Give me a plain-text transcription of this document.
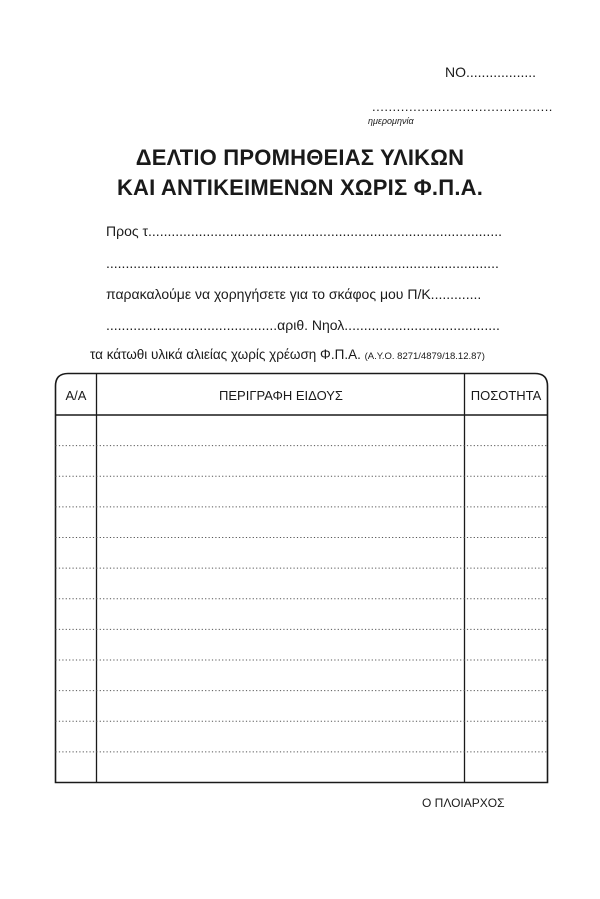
ΝΟ..................
............................................
ημερομηνία
ΔΕΛΤΙΟ ΠΡΟΜΗΘΕΙΑΣ ΥΛΙΚΩΝ
ΚΑΙ ΑΝΤΙΚΕΙΜΕΝΩΝ ΧΩΡΙΣ Φ.Π.Α.
Προς τ...........................................................................................
.....................................................................................................
παρακαλούμε να χορηγήσετε για το σκάφος μου Π/Κ.............
............................................αριθ. Νηολ........................................
τα κάτωθι υλικά αλιείας χωρίς χρέωση Φ.Π.Α. (Α.Υ.Ο. 8271/4879/18.12.87)
Α/Α	ΠΕΡΙΓΡΑΦΗ ΕΙΔΟΥΣ	ΠΟΣΟΤΗΤΑ
Ο ΠΛΟΙΑΡΧΟΣ
